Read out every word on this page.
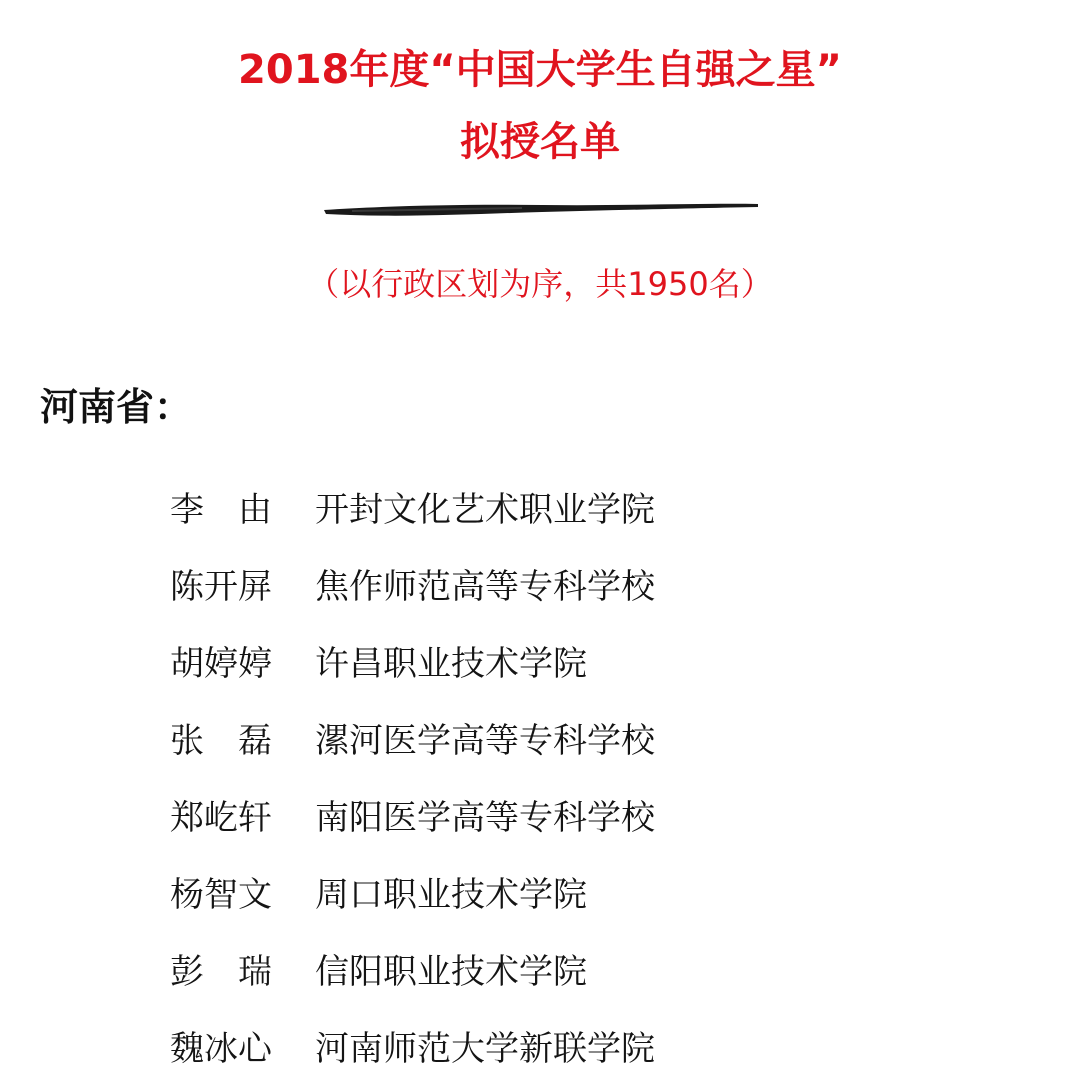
2018年度“中国大学生自强之星”
拟授名单
（以行政区划为序，共1950名）
河南省：
李　由	开封文化艺术职业学院
陈开屏	焦作师范高等专科学校
胡婷婷	许昌职业技术学院
张　磊	漯河医学高等专科学校
郑屹轩	南阳医学高等专科学校
杨智文	周口职业技术学院
彭　瑞	信阳职业技术学院
魏冰心	河南师范大学新联学院
